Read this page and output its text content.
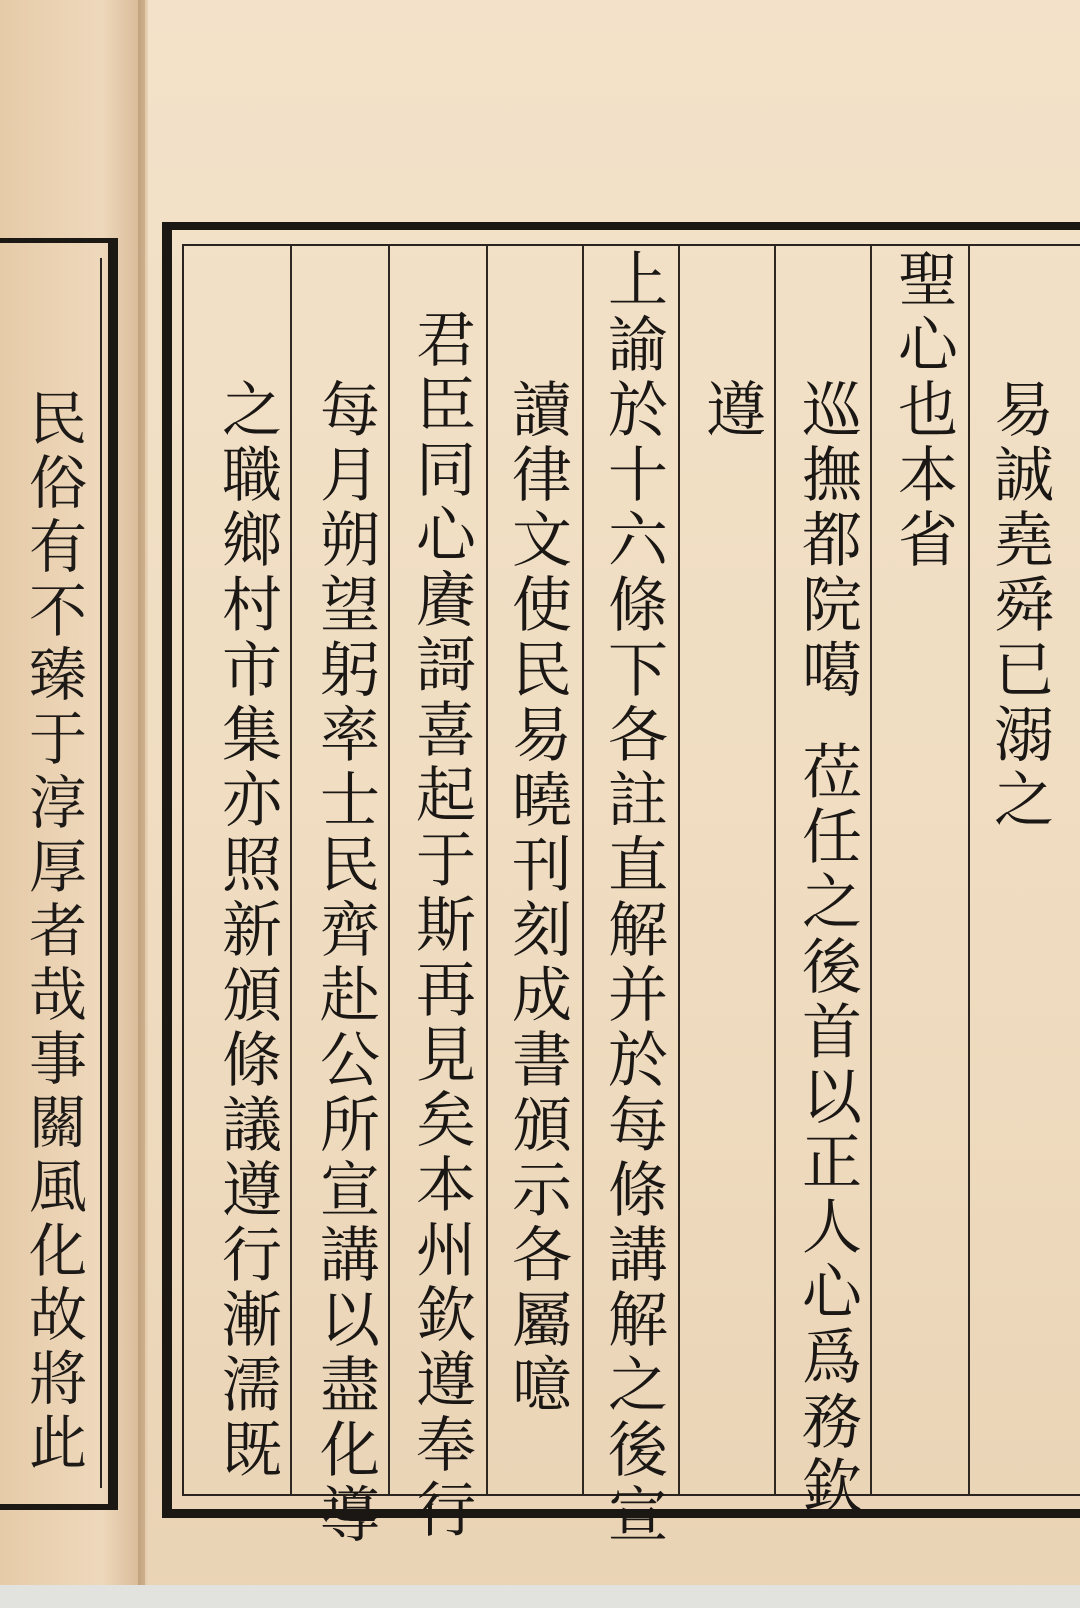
民俗有不臻于淳厚者哉事關風化故將此	易誠堯舜已溺之
聖心也本省
巡撫都院噶
莅任之後首以正人心爲務欽
遵
上諭於十六條下各註直解并於每條講解之後宣
讀律文使民易曉刊刻成書頒示各屬噫
君臣同心賡謌喜起于斯再見矣本州欽遵奉行
每月朔望躬率士民齊赴公所宣講以盡化導
之職鄉村市集亦照新頒條議遵行漸濡既
